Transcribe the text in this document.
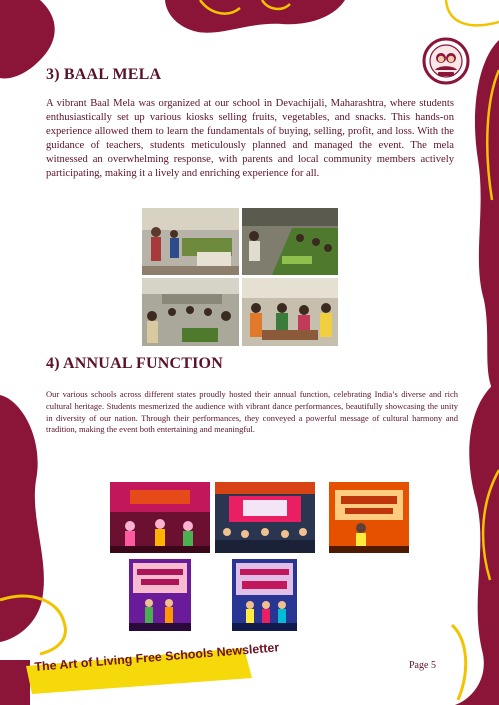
3) BAAL MELA

A vibrant Baal Mela was organized at our school in Devachijali, Maharashtra, where students enthusiastically set up various kiosks selling fruits, vegetables, and snacks. This hands-on experience allowed them to learn the fundamentals of buying, selling, profit, and loss. With the guidance of teachers, students meticulously planned and managed the event. The mela witnessed an overwhelming response, with parents and local community members actively participating, making it a lively and enriching experience for all.

4) ANNUAL FUNCTION

Our various schools across different states proudly hosted their annual function, celebrating India’s diverse and rich cultural heritage. Students mesmerized the audience with vibrant dance performances, beautifully showcasing the unity in diversity of our nation. Through their performances, they conveyed a powerful message of cultural harmony and tradition, making the event both entertaining and meaningful.

The Art of Living Free Schools Newsletter	Page 5
